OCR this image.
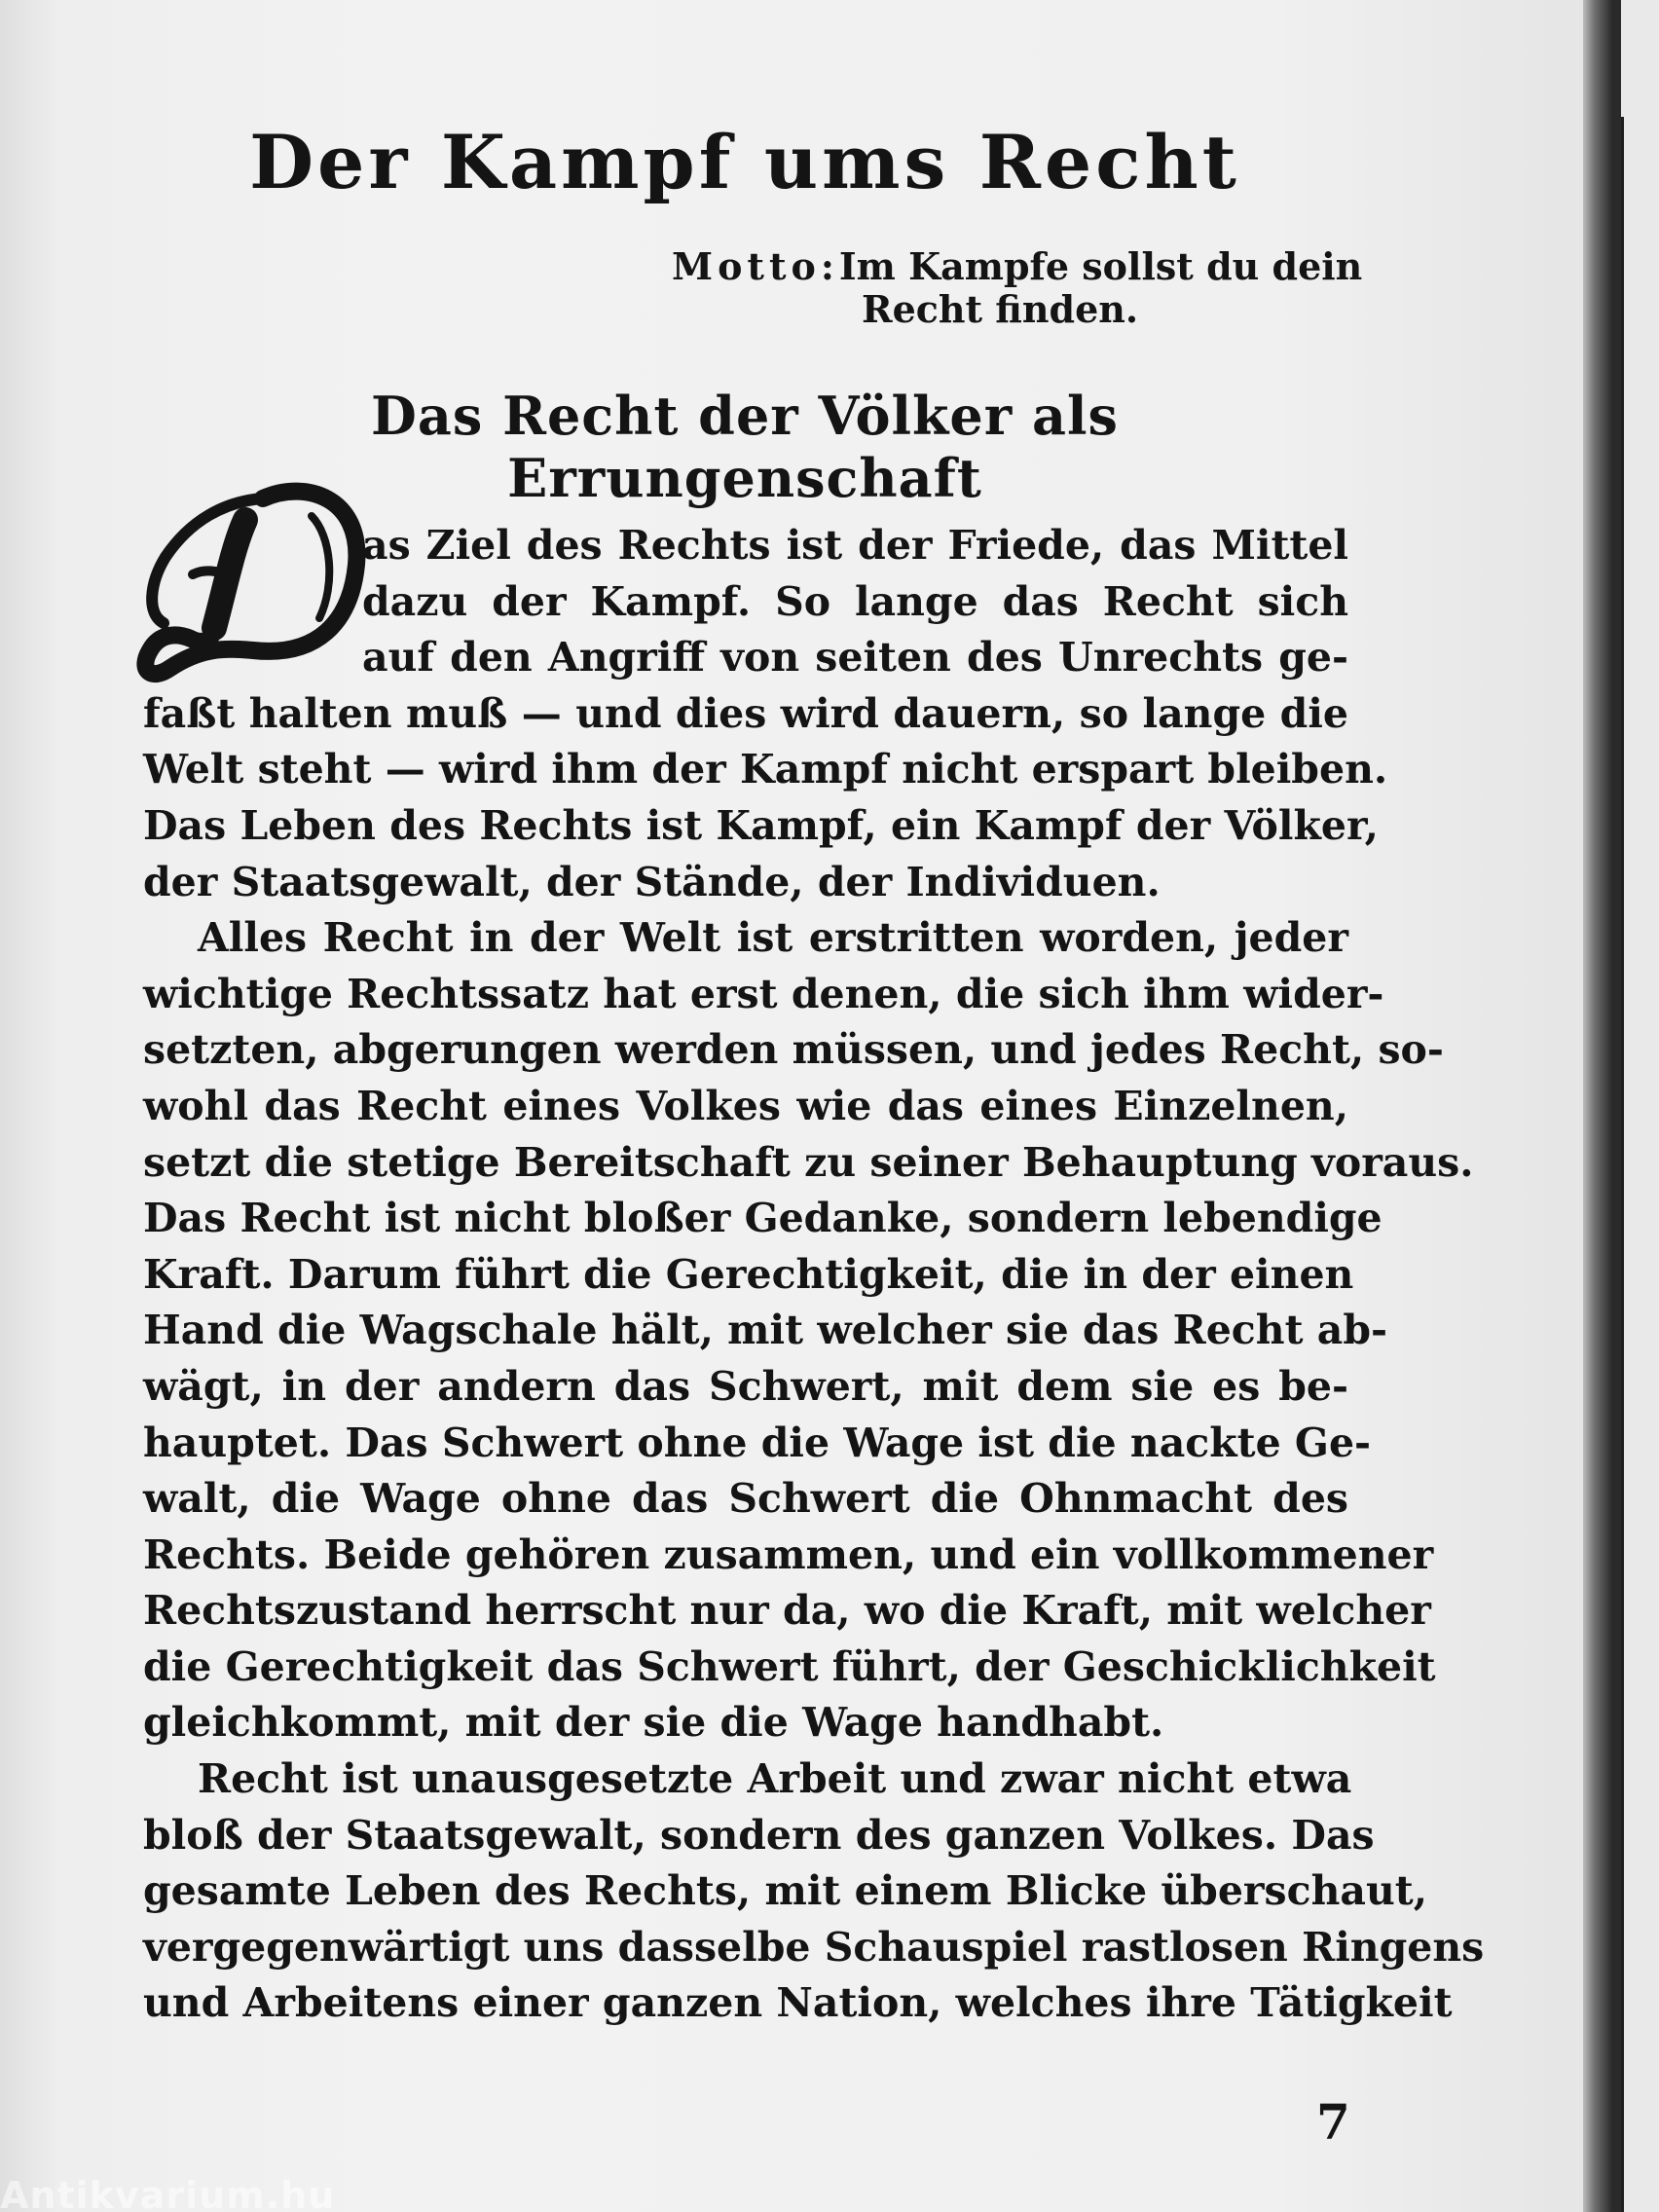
Der Kampf ums Recht
Motto: Im Kampfe sollst du dein
Recht finden.
Das Recht der Völker als Errungenschaft
D
as Ziel des Rechts ist der Friede, das Mittel
dazu der Kampf. So lange das Recht sich
auf den Angriff von seiten des Unrechts ge-
faßt halten muß — und dies wird dauern, so lange die
Welt steht — wird ihm der Kampf nicht erspart bleiben.
Das Leben des Rechts ist Kampf, ein Kampf der Völker,
der Staatsgewalt, der Stände, der Individuen.
Alles Recht in der Welt ist erstritten worden, jeder
wichtige Rechtssatz hat erst denen, die sich ihm wider-
setzten, abgerungen werden müssen, und jedes Recht, so-
wohl das Recht eines Volkes wie das eines Einzelnen,
setzt die stetige Bereitschaft zu seiner Behauptung voraus.
Das Recht ist nicht bloßer Gedanke, sondern lebendige
Kraft. Darum führt die Gerechtigkeit, die in der einen
Hand die Wagschale hält, mit welcher sie das Recht ab-
wägt, in der andern das Schwert, mit dem sie es be-
hauptet. Das Schwert ohne die Wage ist die nackte Ge-
walt, die Wage ohne das Schwert die Ohnmacht des
Rechts. Beide gehören zusammen, und ein vollkommener
Rechtszustand herrscht nur da, wo die Kraft, mit welcher
die Gerechtigkeit das Schwert führt, der Geschicklichkeit
gleichkommt, mit der sie die Wage handhabt.
Recht ist unausgesetzte Arbeit und zwar nicht etwa
bloß der Staatsgewalt, sondern des ganzen Volkes. Das
gesamte Leben des Rechts, mit einem Blicke überschaut,
vergegenwärtigt uns dasselbe Schauspiel rastlosen Ringens
und Arbeitens einer ganzen Nation, welches ihre Tätigkeit
7
Antikvarium.hu
